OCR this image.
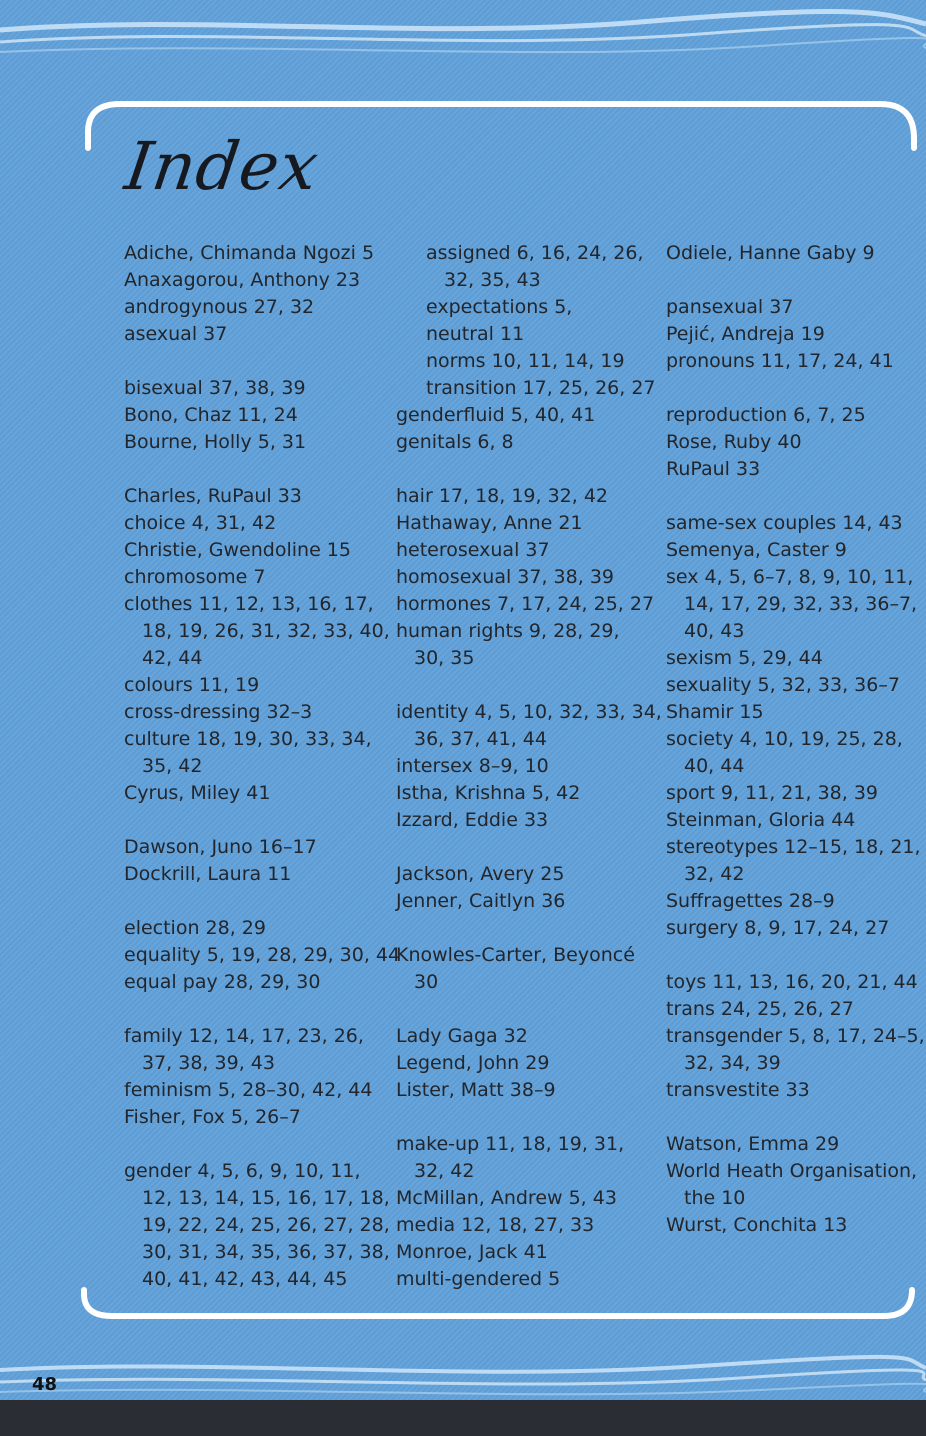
Index
Adiche, Chimanda Ngozi 5
Anaxagorou, Anthony 23
androgynous 27, 32
asexual 37
bisexual 37, 38, 39
Bono, Chaz 11, 24
Bourne, Holly 5, 31
Charles, RuPaul 33
choice 4, 31, 42
Christie, Gwendoline 15
chromosome 7
clothes 11, 12, 13, 16, 17,
18, 19, 26, 31, 32, 33, 40,
42, 44
colours 11, 19
cross-dressing 32–3
culture 18, 19, 30, 33, 34,
35, 42
Cyrus, Miley 41
Dawson, Juno 16–17
Dockrill, Laura 11
election 28, 29
equality 5, 19, 28, 29, 30, 44
equal pay 28, 29, 30
family 12, 14, 17, 23, 26,
37, 38, 39, 43
feminism 5, 28–30, 42, 44
Fisher, Fox 5, 26–7
gender 4, 5, 6, 9, 10, 11,
12, 13, 14, 15, 16, 17, 18,
19, 22, 24, 25, 26, 27, 28,
30, 31, 34, 35, 36, 37, 38,
40, 41, 42, 43, 44, 45
assigned 6, 16, 24, 26,
32, 35, 43
expectations 5,
neutral 11
norms 10, 11, 14, 19
transition 17, 25, 26, 27
genderfluid 5, 40, 41
genitals 6, 8
hair 17, 18, 19, 32, 42
Hathaway, Anne 21
heterosexual 37
homosexual 37, 38, 39
hormones 7, 17, 24, 25, 27
human rights 9, 28, 29,
30, 35
identity 4, 5, 10, 32, 33, 34,
36, 37, 41, 44
intersex 8–9, 10
Istha, Krishna 5, 42
Izzard, Eddie 33
Jackson, Avery 25
Jenner, Caitlyn 36
Knowles-Carter, Beyoncé
30
Lady Gaga 32
Legend, John 29
Lister, Matt 38–9
make-up 11, 18, 19, 31,
32, 42
McMillan, Andrew 5, 43
media 12, 18, 27, 33
Monroe, Jack 41
multi-gendered 5
Odiele, Hanne Gaby 9
pansexual 37
Pejić, Andreja 19
pronouns 11, 17, 24, 41
reproduction 6, 7, 25
Rose, Ruby 40
RuPaul 33
same-sex couples 14, 43
Semenya, Caster 9
sex 4, 5, 6–7, 8, 9, 10, 11,
14, 17, 29, 32, 33, 36–7,
40, 43
sexism 5, 29, 44
sexuality 5, 32, 33, 36–7
Shamir 15
society 4, 10, 19, 25, 28,
40, 44
sport 9, 11, 21, 38, 39
Steinman, Gloria 44
stereotypes 12–15, 18, 21,
32, 42
Suffragettes 28–9
surgery 8, 9, 17, 24, 27
toys 11, 13, 16, 20, 21, 44
trans 24, 25, 26, 27
transgender 5, 8, 17, 24–5,
32, 34, 39
transvestite 33
Watson, Emma 29
World Heath Organisation,
the 10
Wurst, Conchita 13
48
